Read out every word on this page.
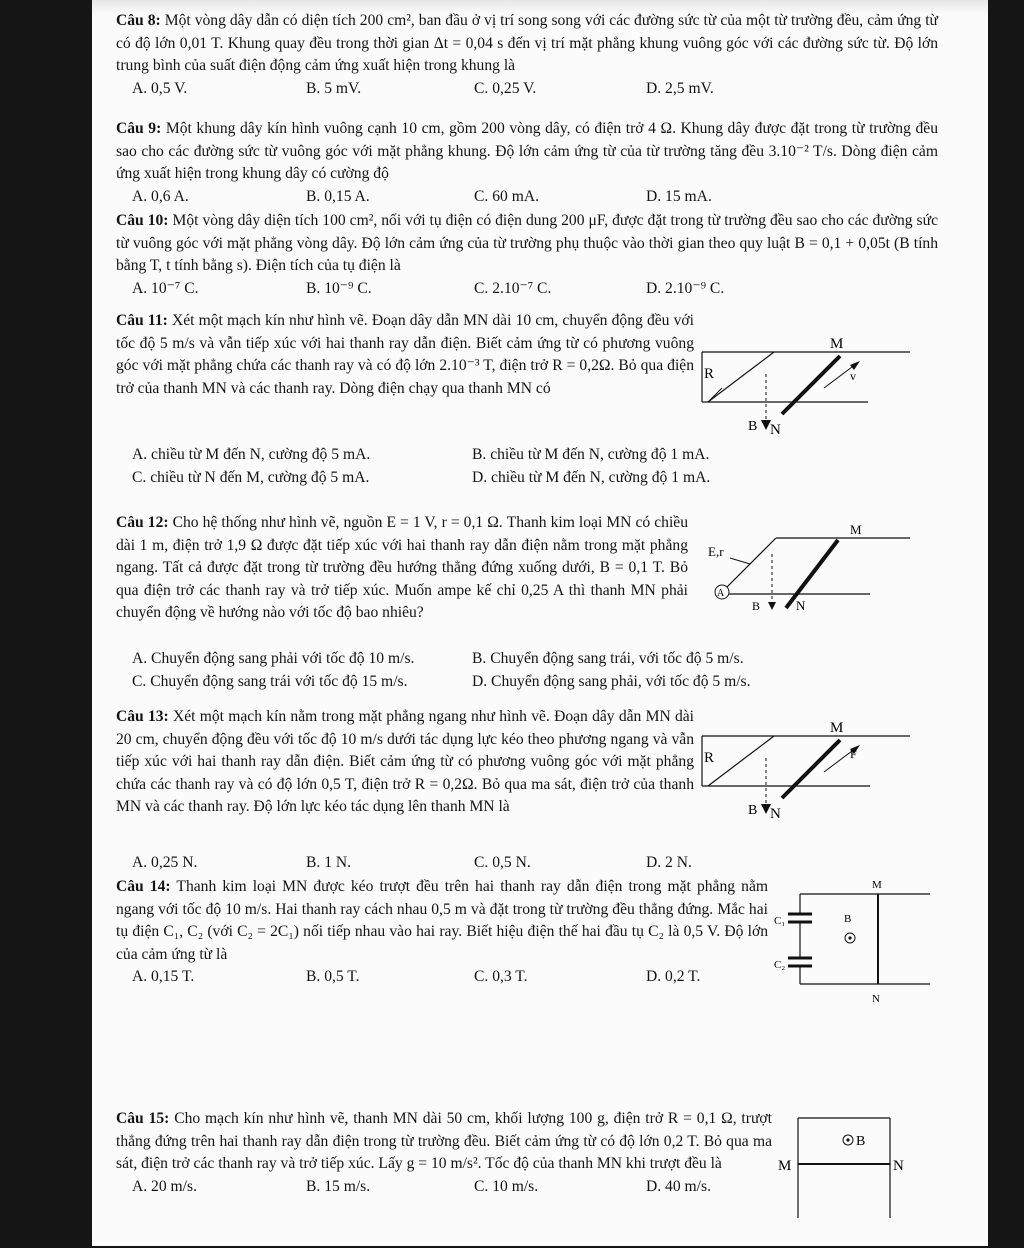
Câu 8: Một vòng dây dẫn có diện tích 200 cm², ban đầu ở vị trí song song với các đường sức từ của một từ trường đều, cảm ứng từ có độ lớn 0,01 T. Khung quay đều trong thời gian Δt = 0,04 s đến vị trí mặt phẳng khung vuông góc với các đường sức từ. Độ lớn trung bình của suất điện động cảm ứng xuất hiện trong khung là

A. 0,5 V.	B. 5 mV.	C. 0,25 V.	D. 2,5 mV.

Câu 9: Một khung dây kín hình vuông cạnh 10 cm, gồm 200 vòng dây, có điện trở 4 Ω. Khung dây được đặt trong từ trường đều sao cho các đường sức từ vuông góc với mặt phẳng khung. Độ lớn cảm ứng từ của từ trường tăng đều 3.10⁻² T/s. Dòng điện cảm ứng xuất hiện trong khung dây có cường độ

A. 0,6 A.	B. 0,15 A.	C. 60 mA.	D. 15 mA.

Câu 10: Một vòng dây diện tích 100 cm², nối với tụ điện có điện dung 200 μF, được đặt trong từ trường đều sao cho các đường sức từ vuông góc với mặt phẳng vòng dây. Độ lớn cảm ứng của từ trường phụ thuộc vào thời gian theo quy luật B = 0,1 + 0,05t (B tính bằng T, t tính bằng s). Điện tích của tụ điện là

A. 10⁻⁷ C.	B. 10⁻⁹ C.	C. 2.10⁻⁷ C.	D. 2.10⁻⁹ C.

Câu 11: Xét một mạch kín như hình vẽ. Đoạn dây dẫn MN dài 10 cm, chuyển động đều với tốc độ 5 m/s và vẫn tiếp xúc với hai thanh ray dẫn điện. Biết cảm ứng từ có phương vuông góc với mặt phẳng chứa các thanh ray và có độ lớn 2.10⁻³ T, điện trở R = 0,2Ω. Bỏ qua điện trở của thanh MN và các thanh ray. Dòng điện chạy qua thanh MN có

A. chiều từ M đến N, cường độ 5 mA.	B. chiều từ M đến N, cường độ 1 mA.
C. chiều từ N đến M, cường độ 5 mA.	D. chiều từ M đến N, cường độ 1 mA.
M
N
R
B
v

Câu 12: Cho hệ thống như hình vẽ, nguồn E = 1 V, r = 0,1 Ω. Thanh kim loại MN có chiều dài 1 m, điện trở 1,9 Ω được đặt tiếp xúc với hai thanh ray dẫn điện nằm trong mặt phẳng ngang. Tất cả được đặt trong từ trường đều hướng thẳng đứng xuống dưới, B = 0,1 T. Bỏ qua điện trở các thanh ray và trở tiếp xúc. Muốn ampe kế chỉ 0,25 A thì thanh MN phải chuyển động về hướng nào với tốc độ bao nhiêu?

A. Chuyển động sang phải với tốc độ 10 m/s.	B. Chuyển động sang trái, với tốc độ 5 m/s.
C. Chuyển động sang trái với tốc độ 15 m/s.	D. Chuyển động sang phải, với tốc độ 5 m/s.
A
M
N
E,r
B

Câu 13: Xét một mạch kín nằm trong mặt phẳng ngang như hình vẽ. Đoạn dây dẫn MN dài 20 cm, chuyển động đều với tốc độ 10 m/s dưới tác dụng lực kéo theo phương ngang và vẫn tiếp xúc với hai thanh ray dẫn điện. Biết cảm ứng từ có phương vuông góc với mặt phẳng chứa các thanh ray và có độ lớn 0,5 T, điện trở R = 0,2Ω. Bỏ qua ma sát, điện trở của thanh MN và các thanh ray. Độ lớn lực kéo tác dụng lên thanh MN là

A. 0,25 N.	B. 1 N.	C. 0,5 N.	D. 2 N.
M
N
R
B
F

Câu 14: Thanh kim loại MN được kéo trượt đều trên hai thanh ray dẫn điện trong mặt phẳng nằm ngang với tốc độ 10 m/s. Hai thanh ray cách nhau 0,5 m và đặt trong từ trường đều thẳng đứng. Mắc hai tụ điện C₁, C₂ (với C₂ = 2C₁) nối tiếp nhau vào hai ray. Biết hiệu điện thế hai đầu tụ C₂ là 0,5 V. Độ lớn của cảm ứng từ là

A. 0,15 T.	B. 0,5 T.	C. 0,3 T.	D. 0,2 T.
M
N
C₁
C₂
B

Câu 15: Cho mạch kín như hình vẽ, thanh MN dài 50 cm, khối lượng 100 g, điện trở R = 0,1 Ω, trượt thẳng đứng trên hai thanh ray dẫn điện trong từ trường đều. Biết cảm ứng từ có độ lớn 0,2 T. Bỏ qua ma sát, điện trở các thanh ray và trở tiếp xúc. Lấy g = 10 m/s². Tốc độ của thanh MN khi trượt đều là

A. 20 m/s.	B. 15 m/s.	C. 10 m/s.	D. 40 m/s.
B
M	N
